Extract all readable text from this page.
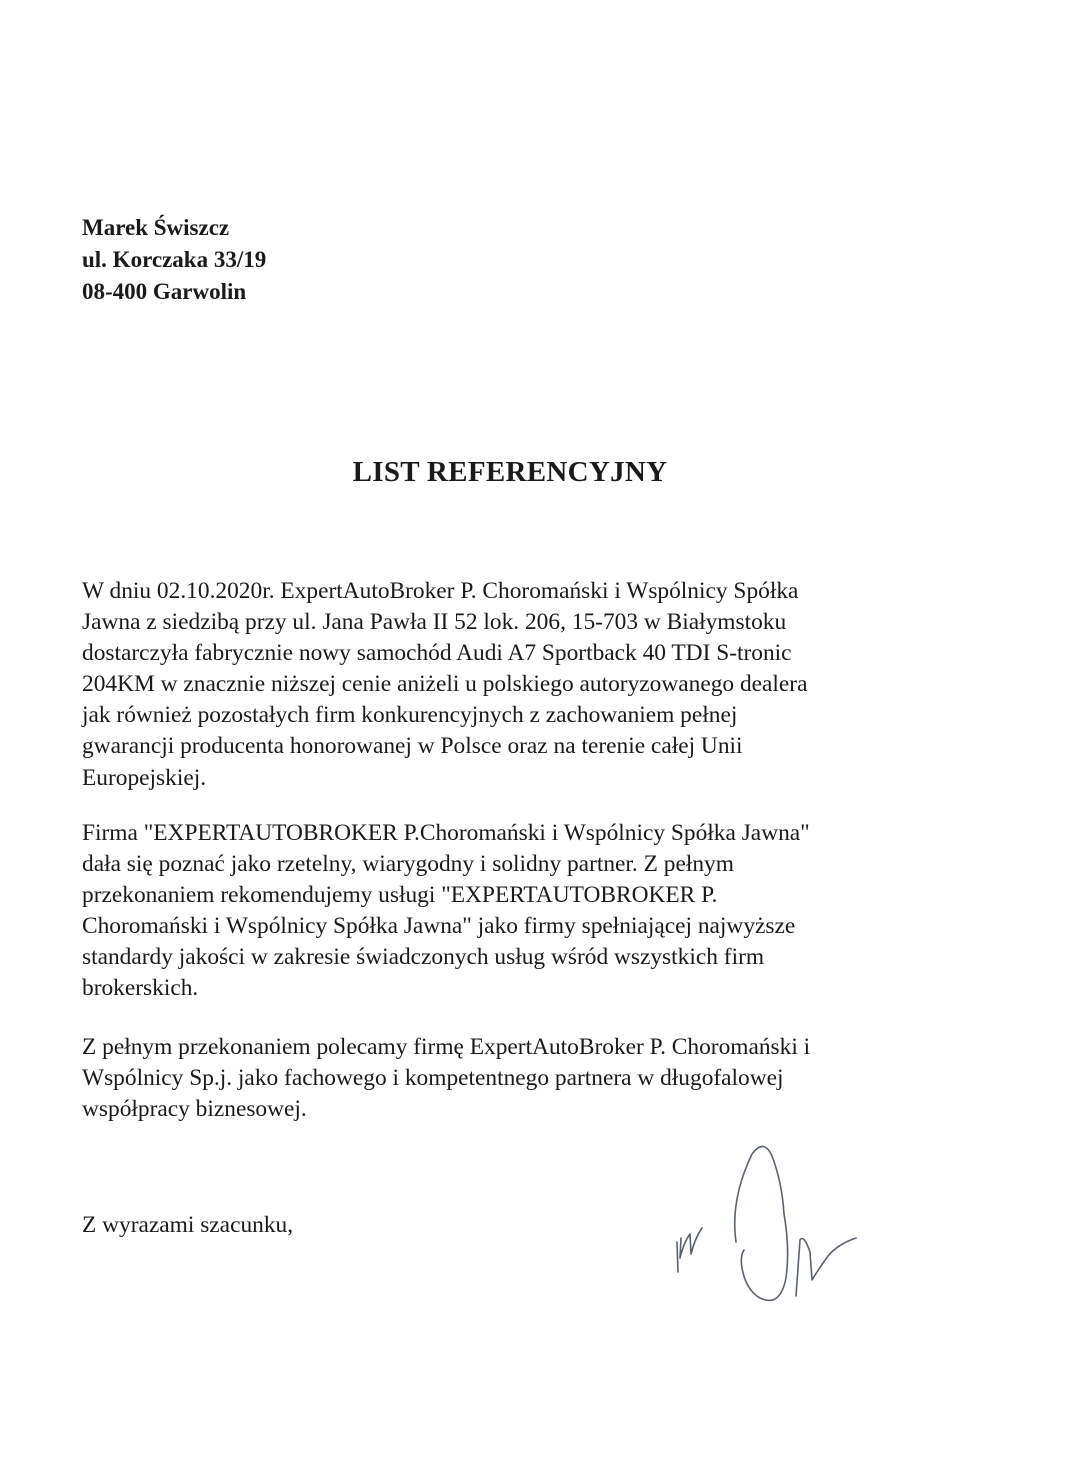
Marek Świszcz
ul. Korczaka 33/19
08-400 Garwolin
LIST REFERENCYJNY
W dniu 02.10.2020r. ExpertAutoBroker P. Choromański i Wspólnicy Spółka
Jawna z siedzibą przy ul. Jana Pawła II 52 lok. 206, 15-703 w Białymstoku
dostarczyła fabrycznie nowy samochód Audi A7 Sportback 40 TDI S-tronic
204KM w znacznie niższej cenie aniżeli u polskiego autoryzowanego dealera
jak również pozostałych firm konkurencyjnych z zachowaniem pełnej
gwarancji producenta honorowanej w Polsce oraz na terenie całej Unii
Europejskiej.
Firma "EXPERTAUTOBROKER P.Choromański i Wspólnicy Spółka Jawna"
dała się poznać jako rzetelny, wiarygodny i solidny partner. Z pełnym
przekonaniem rekomendujemy usługi "EXPERTAUTOBROKER P.
Choromański i Wspólnicy Spółka Jawna" jako firmy spełniającej najwyższe
standardy jakości w zakresie świadczonych usług wśród wszystkich firm
brokerskich.
Z pełnym przekonaniem polecamy firmę ExpertAutoBroker P. Choromański i
Wspólnicy Sp.j. jako fachowego i kompetentnego partnera w długofalowej
współpracy biznesowej.
Z wyrazami szacunku,
